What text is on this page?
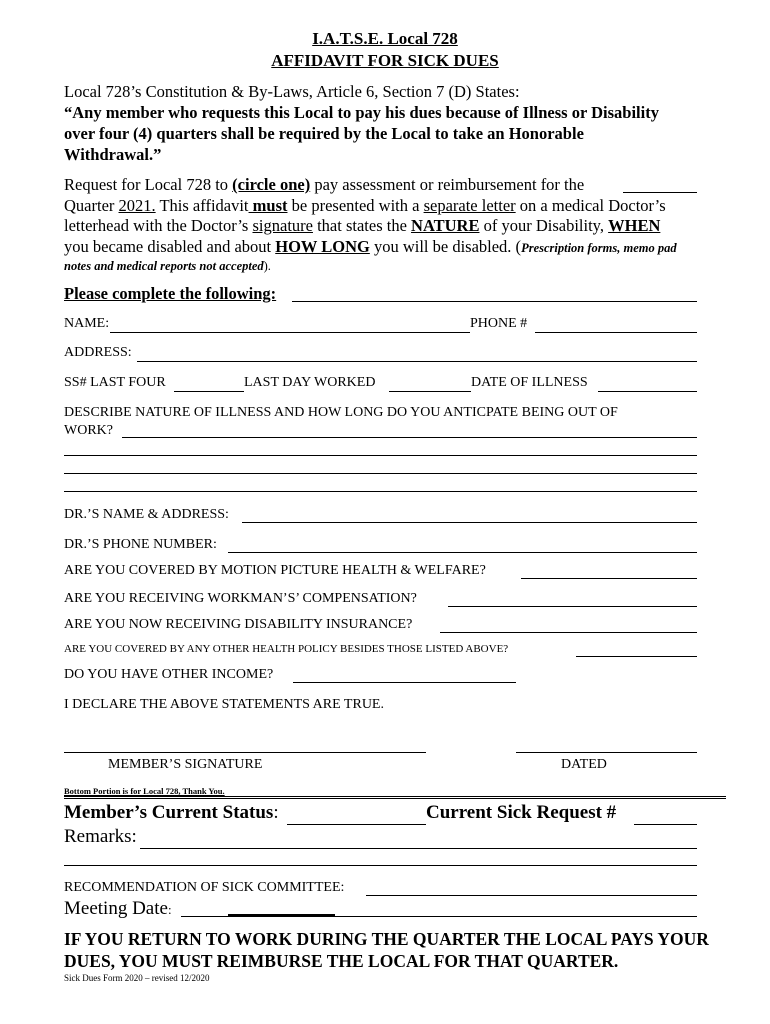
I.A.T.S.E. Local 728
AFFIDAVIT FOR SICK DUES
Local 728’s Constitution & By-Laws, Article 6, Section 7 (D) States:
“Any member who requests this Local to pay his dues because of Illness or Disability
over four (4) quarters shall be required by the Local to take an Honorable
Withdrawal.”
Request for Local 728 to (circle one) pay assessment or reimbursement for the
Quarter 2021. This affidavit must be presented with a separate letter on a medical Doctor’s
letterhead with the Doctor’s signature that states the NATURE of your Disability, WHEN
you became disabled and about HOW LONG you will be disabled. (Prescription forms, memo pad
notes and medical reports not accepted).
Please complete the following:
NAME:	PHONE #
ADDRESS:
SS# LAST FOUR	LAST DAY WORKED	DATE OF ILLNESS
DESCRIBE NATURE OF ILLNESS AND HOW LONG DO YOU ANTICPATE BEING OUT OF
WORK?
DR.’S NAME & ADDRESS:
DR.’S PHONE NUMBER:
ARE YOU COVERED BY MOTION PICTURE HEALTH & WELFARE?
ARE YOU RECEIVING WORKMAN’S’ COMPENSATION?
ARE YOU NOW RECEIVING DISABILITY INSURANCE?
ARE YOU COVERED BY ANY OTHER HEALTH POLICY BESIDES THOSE LISTED ABOVE?
DO YOU HAVE OTHER INCOME?
I DECLARE THE ABOVE STATEMENTS ARE TRUE.
MEMBER’S SIGNATURE	DATED
Bottom Portion is for Local 728, Thank You.
Member’s Current Status:	Current Sick Request #
Remarks:
RECOMMENDATION OF SICK COMMITTEE:
Meeting Date:
IF YOU RETURN TO WORK DURING THE QUARTER THE LOCAL PAYS YOUR
DUES, YOU MUST REIMBURSE THE LOCAL FOR THAT QUARTER.
Sick Dues Form 2020 – revised 12/2020
